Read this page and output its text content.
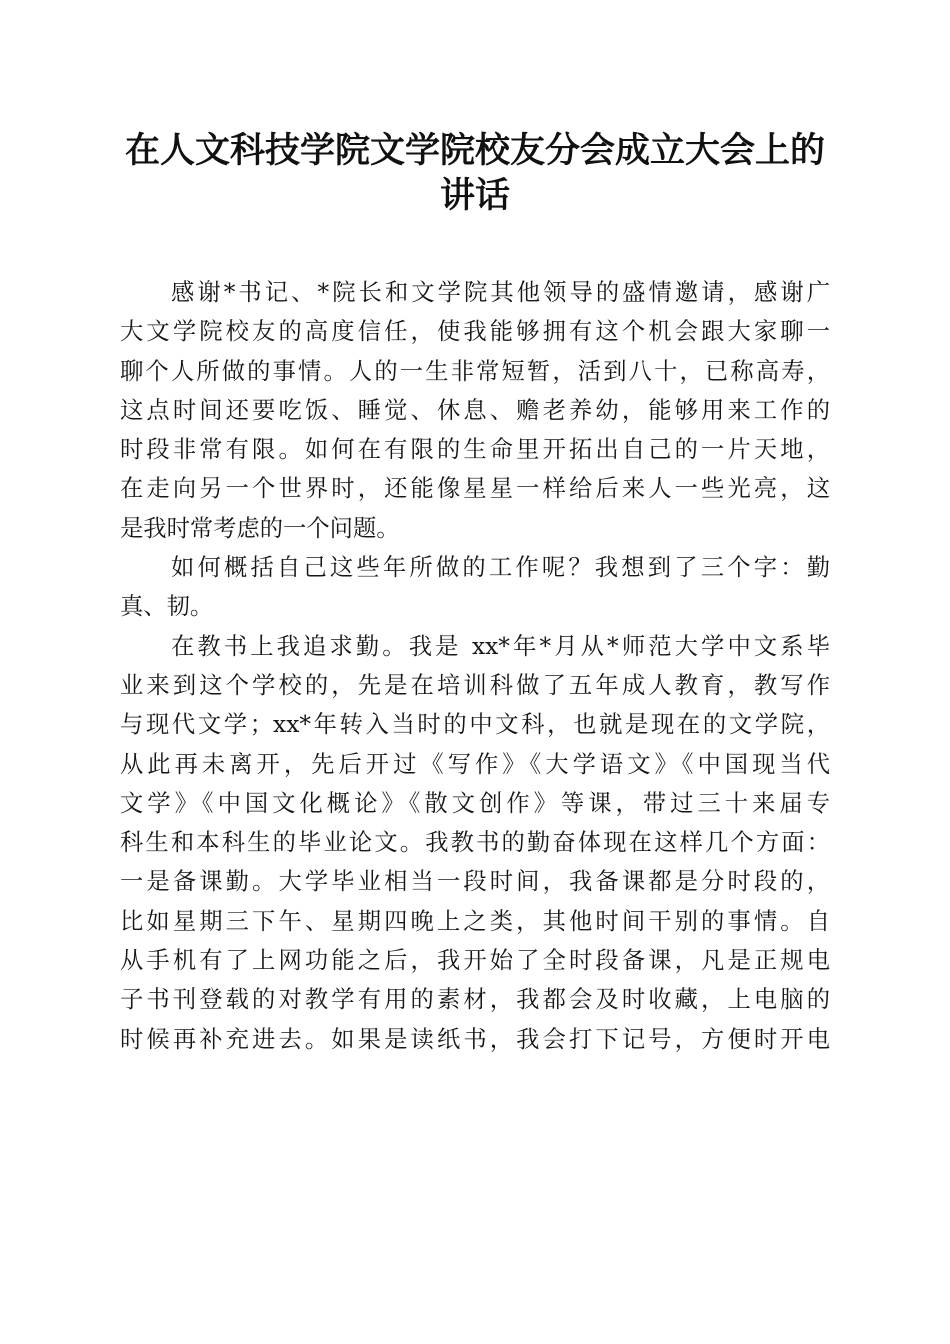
在人文科技学院文学院校友分会成立大会上的
讲话
感谢*书记、*院长和文学院其他领导的盛情邀请，感谢广
大文学院校友的高度信任，使我能够拥有这个机会跟大家聊一
聊个人所做的事情。人的一生非常短暂，活到八十，已称高寿，
这点时间还要吃饭、睡觉、休息、赡老养幼，能够用来工作的
时段非常有限。如何在有限的生命里开拓出自己的一片天地，
在走向另一个世界时，还能像星星一样给后来人一些光亮，这
是我时常考虑的一个问题。
如何概括自己这些年所做的工作呢？我想到了三个字：勤
真、韧。
在教书上我追求勤。我是 xx*年*月从*师范大学中文系毕
业来到这个学校的，先是在培训科做了五年成人教育，教写作
与现代文学；xx*年转入当时的中文科，也就是现在的文学院，
从此再未离开，先后开过《写作》《大学语文》《中国现当代
文学》《中国文化概论》《散文创作》等课，带过三十来届专
科生和本科生的毕业论文。我教书的勤奋体现在这样几个方面：
一是备课勤。大学毕业相当一段时间，我备课都是分时段的，
比如星期三下午、星期四晚上之类，其他时间干别的事情。自
从手机有了上网功能之后，我开始了全时段备课，凡是正规电
子书刊登载的对教学有用的素材，我都会及时收藏，上电脑的
时候再补充进去。如果是读纸书，我会打下记号，方便时开电
